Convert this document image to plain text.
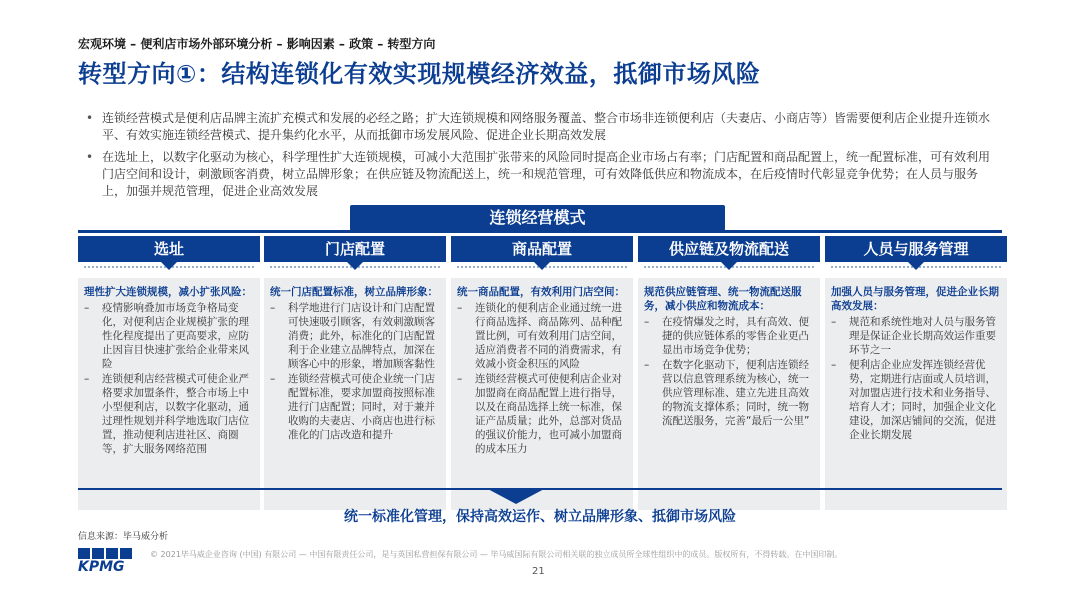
宏观环境 – 便利店市场外部环境分析 – 影响因素 – 政策 – 转型方向
转型方向①：结构连锁化有效实现规模经济效益，抵御市场风险
• 连锁经营模式是便利店品牌主流扩充模式和发展的必经之路；扩大连锁规模和网络服务覆盖、整合市场非连锁便利店（夫妻店、小商店等）皆需要便利店企业提升连锁水平、有效实施连锁经营模式、提升集约化水平，从而抵御市场发展风险、促进企业长期高效发展
• 在选址上，以数字化驱动为核心，科学理性扩大连锁规模，可减小大范围扩张带来的风险同时提高企业市场占有率；门店配置和商品配置上，统一配置标准，可有效利用门店空间和设计，刺激顾客消费，树立品牌形象；在供应链及物流配送上，统一和规范管理，可有效降低供应和物流成本，在后疫情时代彰显竞争优势；在人员与服务上，加强并规范管理，促进企业高效发展
连锁经营模式
选址
理性扩大连锁规模，减小扩张风险：
– 疫情影响叠加市场竞争格局变化，对便利店企业规模扩张的理性化程度提出了更高要求，应防止因盲目快速扩张给企业带来风险
– 连锁便利店经营模式可使企业严格要求加盟条件，整合市场上中小型便利店，以数字化驱动，通过理性规划并科学地选取门店位置，推动便利店进社区、商圈等，扩大服务网络范围
门店配置
统一门店配置标准，树立品牌形象：
– 科学地进行门店设计和门店配置可快速吸引顾客，有效刺激顾客消费；此外，标准化的门店配置利于企业建立品牌特点，加深在顾客心中的形象，增加顾客黏性
– 连锁经营模式可使企业统一门店配置标准，要求加盟商按照标准进行门店配置；同时，对于兼并收购的夫妻店、小商店也进行标准化的门店改造和提升
商品配置
统一商品配置，有效利用门店空间：
– 连锁化的便利店企业通过统一进行商品选择、商品陈列、品种配置比例，可有效利用门店空间，适应消费者不同的消费需求，有效减小资金积压的风险
– 连锁经营模式可使便利店企业对加盟商在商品配置上进行指导，以及在商品选择上统一标准，保证产品质量；此外，总部对货品的强议价能力，也可减小加盟商的成本压力
供应链及物流配送
规范供应链管理、统一物流配送服务，减小供应和物流成本：
– 在疫情爆发之时，具有高效、便捷的供应链体系的零售企业更凸显出市场竞争优势；
– 在数字化驱动下，便利店连锁经营以信息管理系统为核心，统一供应管理标准、建立先进且高效的物流支撑体系；同时，统一物流配送服务，完善“最后一公里”
人员与服务管理
加强人员与服务管理，促进企业长期高效发展：
– 规范和系统性地对人员与服务管理是保证企业长期高效运作重要环节之一
– 便利店企业应发挥连锁经营优势，定期进行店面或人员培训，对加盟店进行技术和业务指导、培育人才；同时，加强企业文化建设，加深店铺间的交流，促进企业长期发展
统一标准化管理，保持高效运作、树立品牌形象、抵御市场风险
信息来源：毕马威分析
KPMG
© 2021毕马威企业咨询 (中国) 有限公司 — 中国有限责任公司，是与英国私营担保有限公司 — 毕马威国际有限公司相关联的独立成员所全球性组织中的成员。版权所有，不得转载。在中国印制。
21
